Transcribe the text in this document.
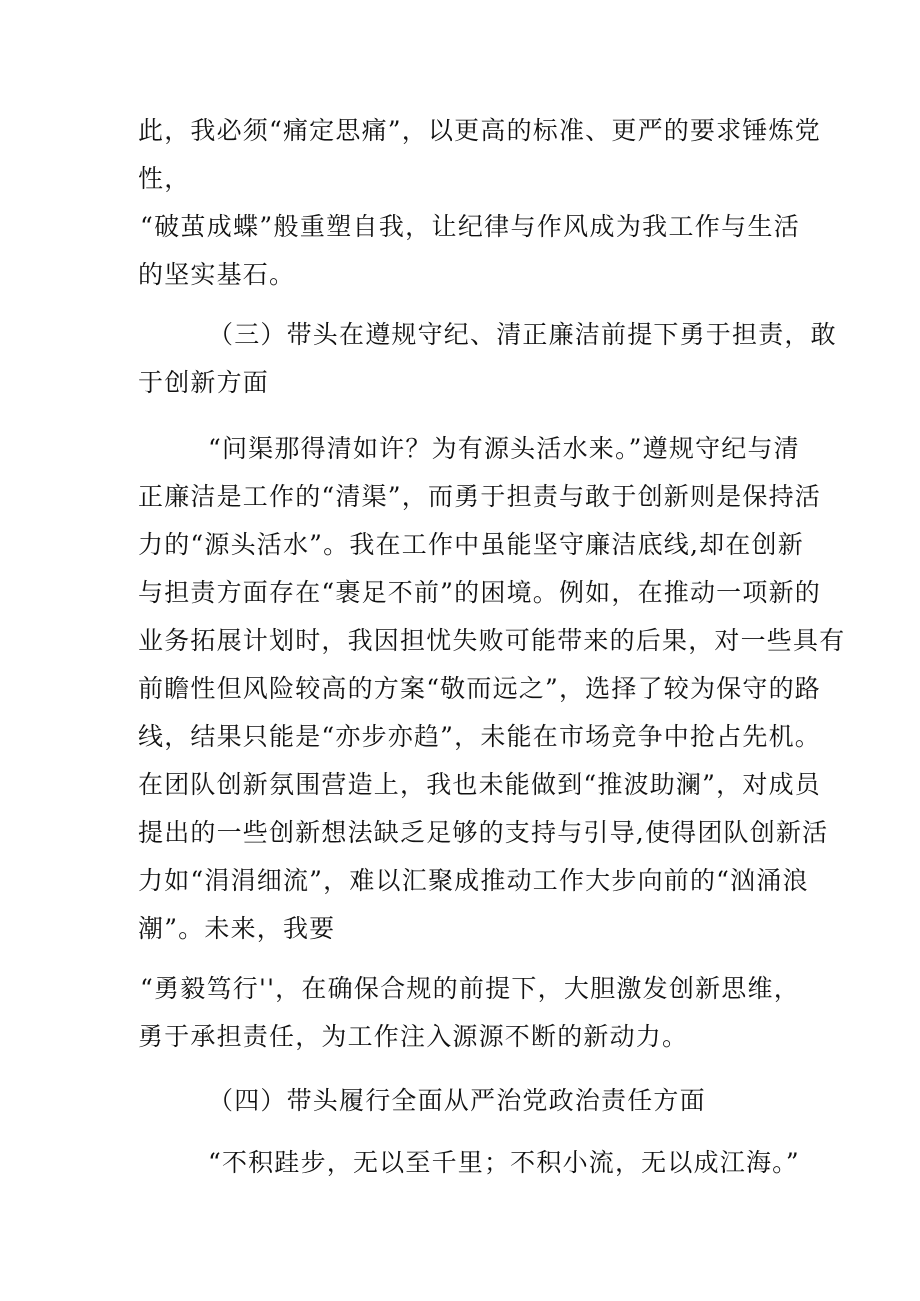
此，我必须“痛定思痛”，以更高的标准、更严的要求锤炼党
性，
“破茧成蝶”般重塑自我，让纪律与作风成为我工作与生活
的坚实基石。
（三）带头在遵规守纪、清正廉洁前提下勇于担责，敢
于创新方面
“问渠那得清如许？为有源头活水来。”遵规守纪与清
正廉洁是工作的“清渠”，而勇于担责与敢于创新则是保持活
力的“源头活水”。我在工作中虽能坚守廉洁底线,却在创新
与担责方面存在“裹足不前”的困境。例如，在推动一项新的
业务拓展计划时，我因担忧失败可能带来的后果，对一些具有
前瞻性但风险较高的方案“敬而远之”，选择了较为保守的路
线，结果只能是“亦步亦趋”，未能在市场竞争中抢占先机。
在团队创新氛围营造上，我也未能做到“推波助澜”，对成员
提出的一些创新想法缺乏足够的支持与引导,使得团队创新活
力如“涓涓细流”，难以汇聚成推动工作大步向前的“汹涌浪
潮”。未来，我要
“勇毅笃行''，在确保合规的前提下，大胆激发创新思维，
勇于承担责任，为工作注入源源不断的新动力。
（四）带头履行全面从严治党政治责任方面
“不积跬步，无以至千里；不积小流，无以成江海。”
